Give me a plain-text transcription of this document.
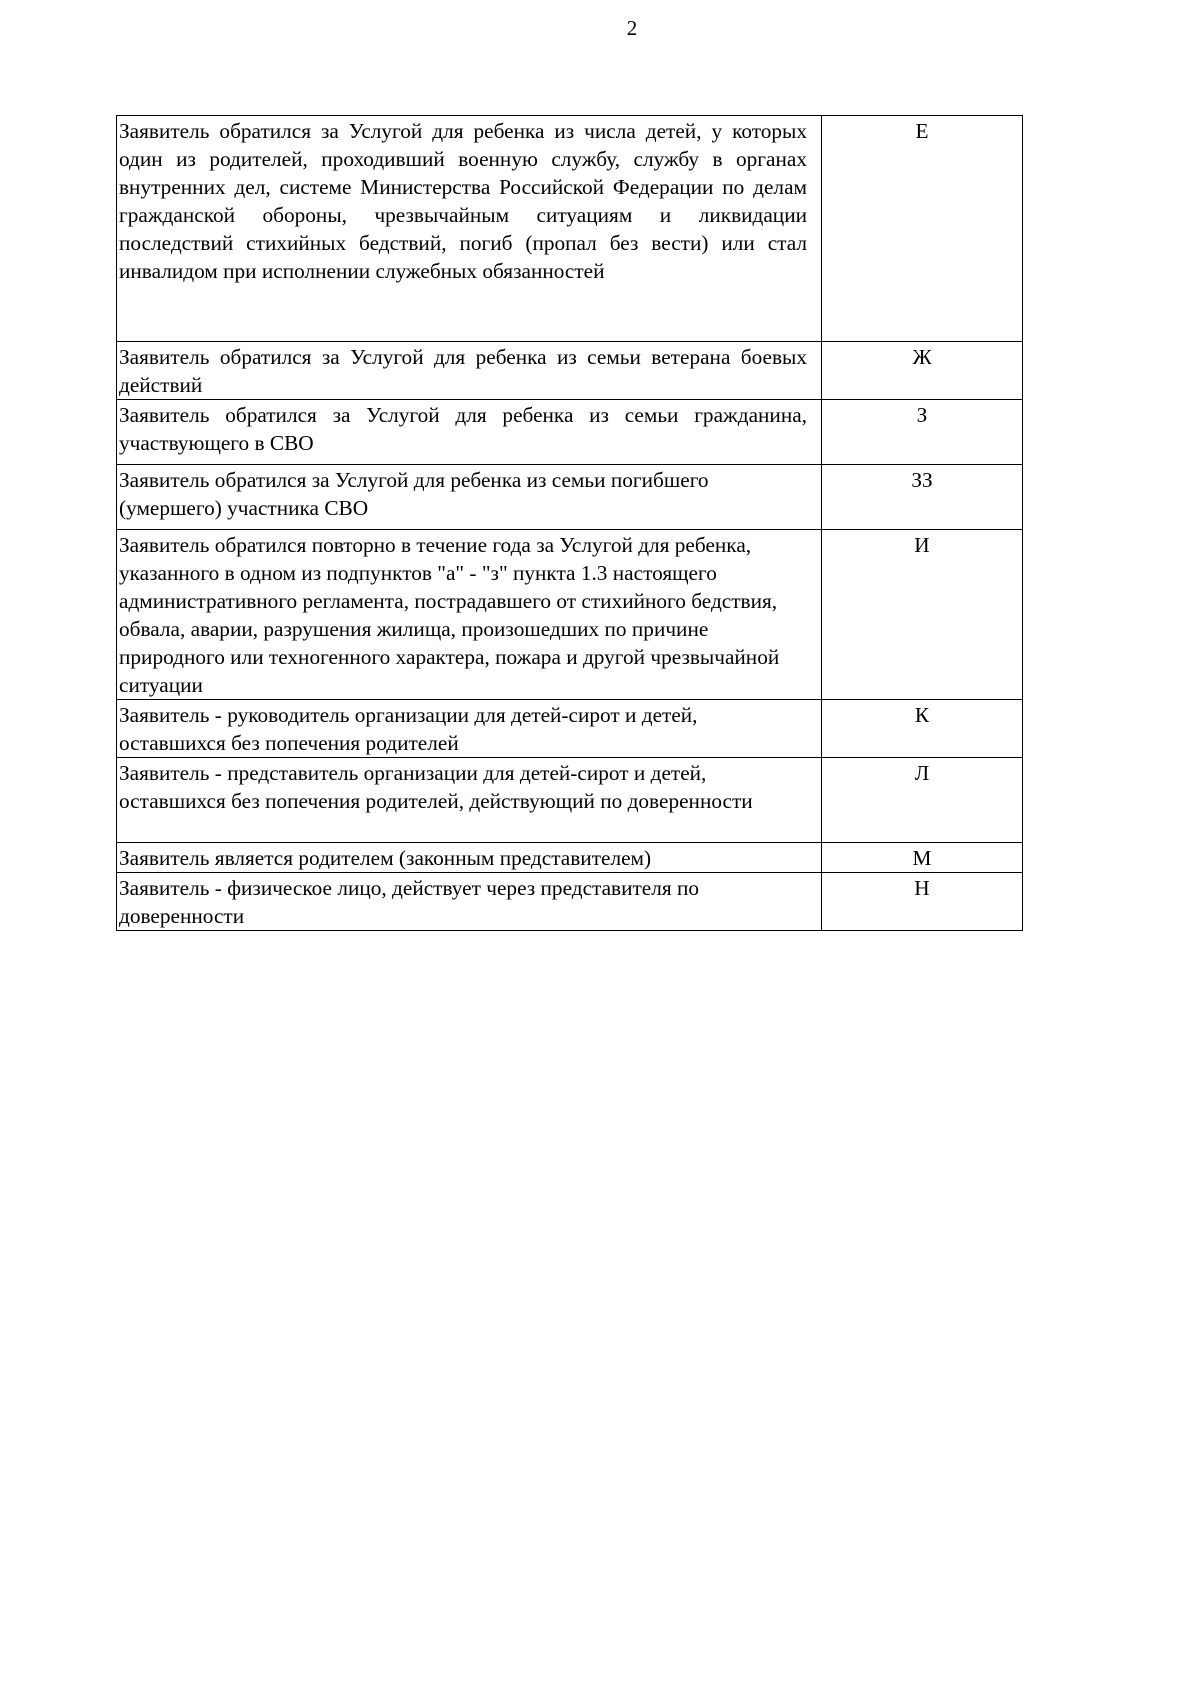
2
Заявитель обратился за Услугой для ребенка из числа детей, у которых один из родителей, проходивший военную службу, службу в органах внутренних дел, системе Министерства Российской Федерации по делам гражданской обороны, чрезвычайным ситуациям и ликвидации последствий стихийных бедствий, погиб (пропал без вести) или стал инвалидом при исполнении служебных обязанностей	Е
Заявитель обратился за Услугой для ребенка из семьи ветерана боевых действий	Ж
Заявитель обратился за Услугой для ребенка из семьи гражданина, участвующего в СВО	З
Заявитель обратился за Услугой для ребенка из семьи погибшего (умершего) участника СВО	ЗЗ
Заявитель обратился повторно в течение года за Услугой для ребенка, указанного в одном из подпунктов "а" - "з" пункта 1.3 настоящего административного регламента, пострадавшего от стихийного бедствия, обвала, аварии, разрушения жилища, произошедших по причине природного или техногенного характера, пожара и другой чрезвычайной ситуации	И
Заявитель - руководитель организации для детей-сирот и детей, оставшихся без попечения родителей	К
Заявитель - представитель организации для детей-сирот и детей, оставшихся без попечения родителей, действующий по доверенности	Л
Заявитель является родителем (законным представителем)	М
Заявитель - физическое лицо, действует через представителя по доверенности	Н
